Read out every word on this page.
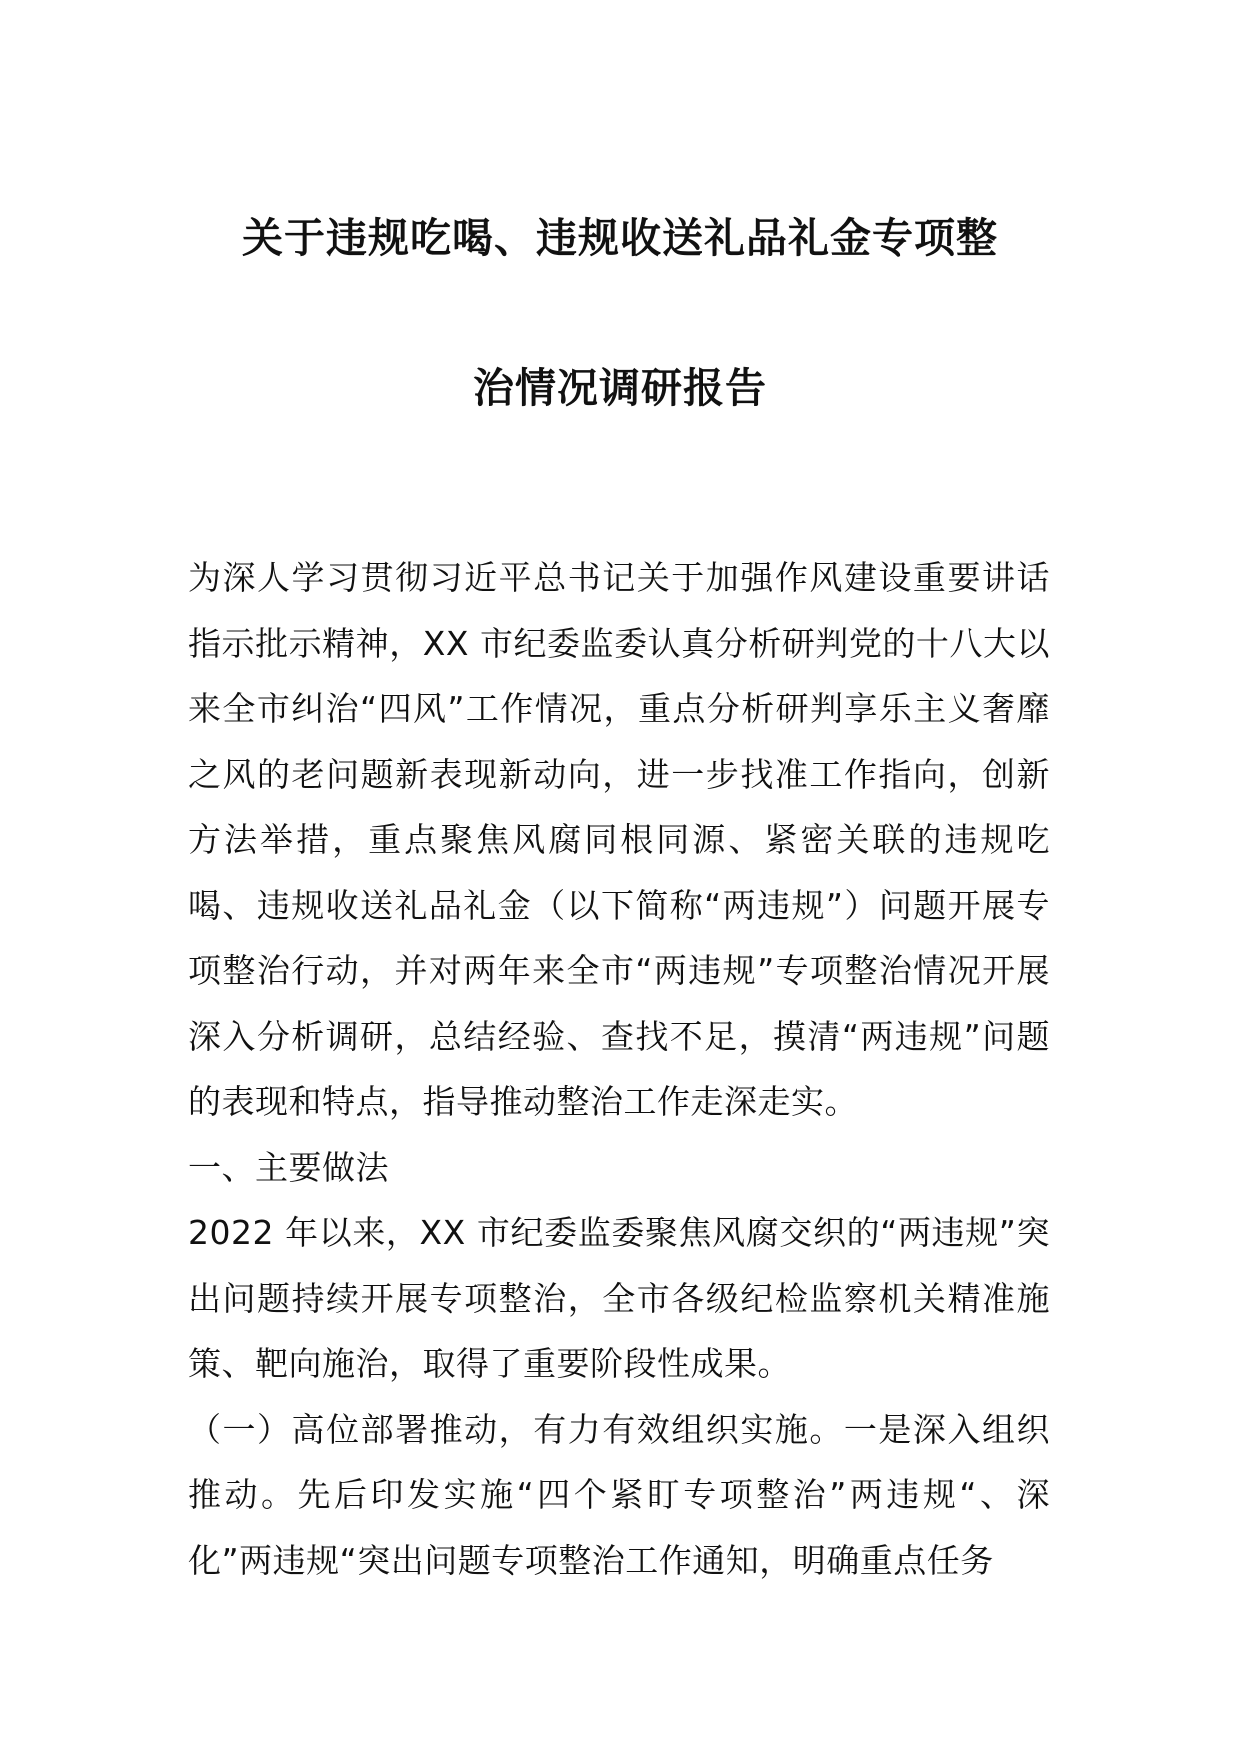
关于违规吃喝、违规收送礼品礼金专项整
治情况调研报告

为深人学习贯彻习近平总书记关于加强作风建设重要讲话指示批示精神，XX 市纪委监委认真分析研判党的十八大以来全市纠治“四风”工作情况，重点分析研判享乐主义奢靡之风的老问题新表现新动向，进一步找准工作指向，创新方法举措，重点聚焦风腐同根同源、紧密关联的违规吃喝、违规收送礼品礼金（以下简称“两违规”）问题开展专项整治行动，并对两年来全市“两违规”专项整治情况开展深入分析调研，总结经验、查找不足，摸清“两违规”问题的表现和特点，指导推动整治工作走深走实。

一、主要做法

2022 年以来，XX 市纪委监委聚焦风腐交织的“两违规”突出问题持续开展专项整治，全市各级纪检监察机关精准施策、靶向施治，取得了重要阶段性成果。

（一）高位部署推动，有力有效组织实施。一是深入组织推动。先后印发实施“四个紧盯专项整治”两违规“、深化”两违规“突出问题专项整治工作通知，明确重点任务
